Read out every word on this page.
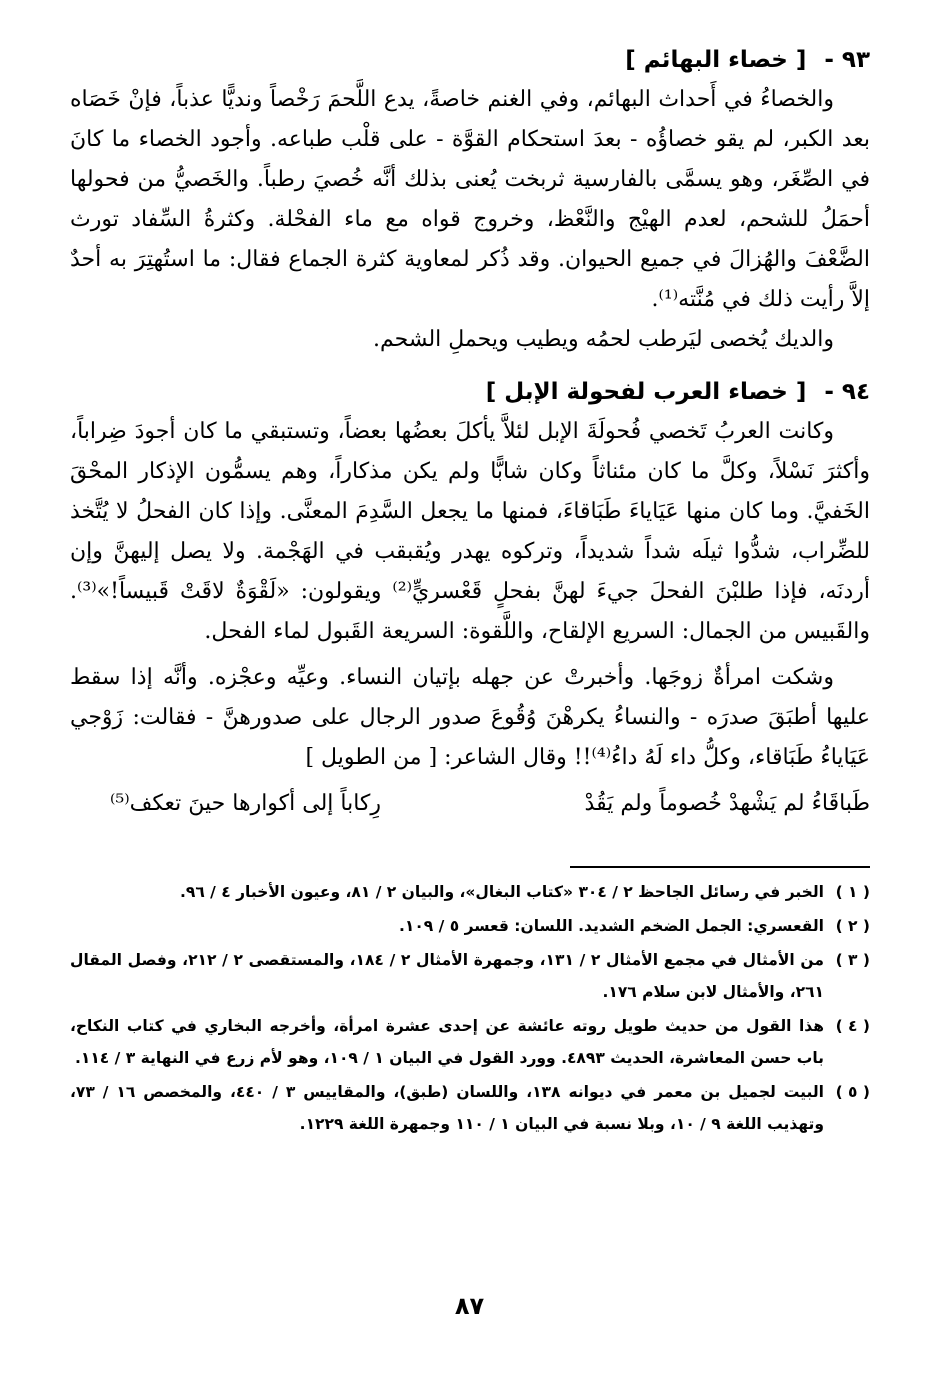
٩٣ - [ خصاء البهائم ]

والخصاءُ في أَحداث البهائم، وفي الغنم خاصةً، يدع اللَّحمَ رَخْصاً ونديًّا عذباً، فإنْ خَصَاه بعد الكبر، لم يقو خصاؤُه - بعدَ استحكام القوَّة - على قلْب طباعه. وأجود الخصاء ما كانَ في الصِّغَر، وهو يسمَّى بالفارسية ثربخت يُعنى بذلك أنَّه خُصيَ رطباً. والخَصيُّ من فحولها أحمَلُ للشحم، لعدم الهيْج والنَّعْظ، وخروج قواه مع ماء الفحْلة. وكثرةُ السِّفاد تورث الضَّعْفَ والهُزالَ في جميع الحيوان. وقد ذُكر لمعاوية كثرة الجماع فقال: ما استُهتِرَ به أحدٌ إلاَّ رأيت ذلك في مُنَّته⁽¹⁾.

والديك يُخصى ليَرطب لحمُه ويطيب ويحملِ الشحم.

٩٤ - [ خصاء العرب لفحولة الإبل ]

وكانت العربُ تَخصي فُحولَةَ الإبل لئلاَّ يأكلَ بعضُها بعضاً، وتستبقي ما كان أجودَ ضِراباً، وأكثرَ نَسْلاً، وكلَّ ما كان مئناثاً وكان شابًّا ولم يكن مذكاراً، وهم يسمُّون الإذكار المحْقَ الخَفيَّ. وما كان منها عَيَاياءَ طَبَاقاءَ، فمنها ما يجعل السَّدِمَ المعنَّى. وإذا كان الفحلُ لا يُتَّخذ للضِّراب، شدُّوا ثيلَه شداً شديداً، وتركوه يهدر ويُقبقب في الهَجْمة. ولا يصل إليهنَّ وإن أردنَه، فإذا طلبْنَ الفحلَ جيءَ لهنَّ بفحلٍ قَعْسريٍّ⁽²⁾ ويقولون: «لَقْوَةٌ لاقَتْ قَبيساً!»⁽³⁾. والقَبيس من الجمال: السريع الإلقاح، واللَّقوة: السريعة القَبول لماء الفحل.

وشكت امرأةٌ زوجَها. وأخبرتْ عن جهله بإتيان النساء. وعيِّه وعجْزه. وأنَّه إذا سقط عليها أطبَقَ صدرَه - والنساءُ يكرهْنَ وُقُوعَ صدور الرجال على صدورهنَّ - فقالت: زَوْجي عَيَاياءُ طَبَاقاء، وكلُّ داء لَهُ داءُ⁽⁴⁾!! وقال الشاعر: [ من الطويل ]

طَباقَاءُ لم يَشْهدْ خُصوماً ولم يَقُدْ
رِكاباً إلى أكوارها حينَ تعكف⁽⁵⁾
( ١ )
الخبر في رسائل الجاحظ ٢ / ٣٠٤ «كتاب البغال»، والبيان ٢ / ٨١، وعيون الأخبار ٤ / ٩٦.
( ٢ )
القعسري: الجمل الضخم الشديد. اللسان: قعسر ٥ / ١٠٩.
( ٣ )
من الأمثال في مجمع الأمثال ٢ / ١٣١، وجمهرة الأمثال ٢ / ١٨٤، والمستقصى ٢ / ٢١٢، وفصل المقال ٢٦١، والأمثال لابن سلام ١٧٦.
( ٤ )
هذا القول من حديث طويل روته عائشة عن إحدى عشرة امرأة، وأخرجه البخاري في كتاب النكاح، باب حسن المعاشرة، الحديث ٤٨٩٣. وورد القول في البيان ١ / ١٠٩، وهو لأم زرع في النهاية ٣ / ١١٤.
( ٥ )
البيت لجميل بن معمر في ديوانه ١٣٨، واللسان (طبق)، والمقاييس ٣ / ٤٤٠، والمخصص ١٦ / ٧٣، وتهذيب اللغة ٩ / ١٠، وبلا نسبة في البيان ١ / ١١٠ وجمهرة اللغة ١٢٢٩.
٨٧
